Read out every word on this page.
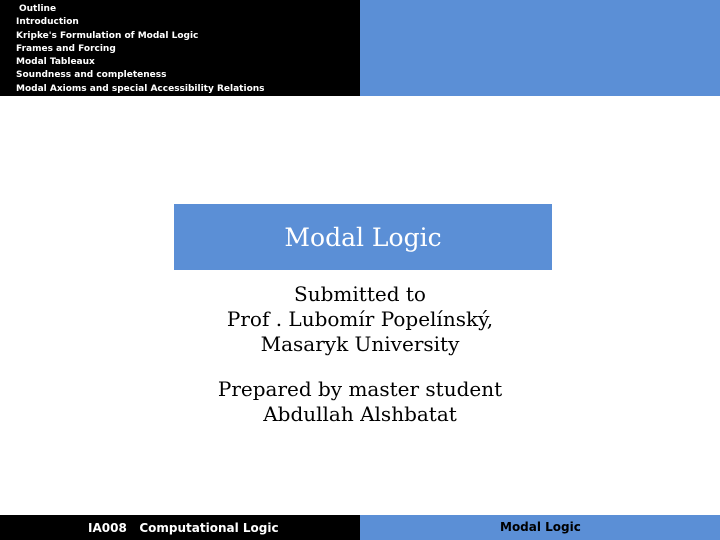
Outline
Introduction
Kripke's Formulation of Modal Logic
Frames and Forcing
Modal Tableaux
Soundness and completeness
Modal Axioms and special Accessibility Relations
Modal Logic
Submitted to
Prof . Lubomír Popelínský,
Masaryk University
Prepared by master student
Abdullah Alshbatat
IA008   Computational Logic	Modal Logic
